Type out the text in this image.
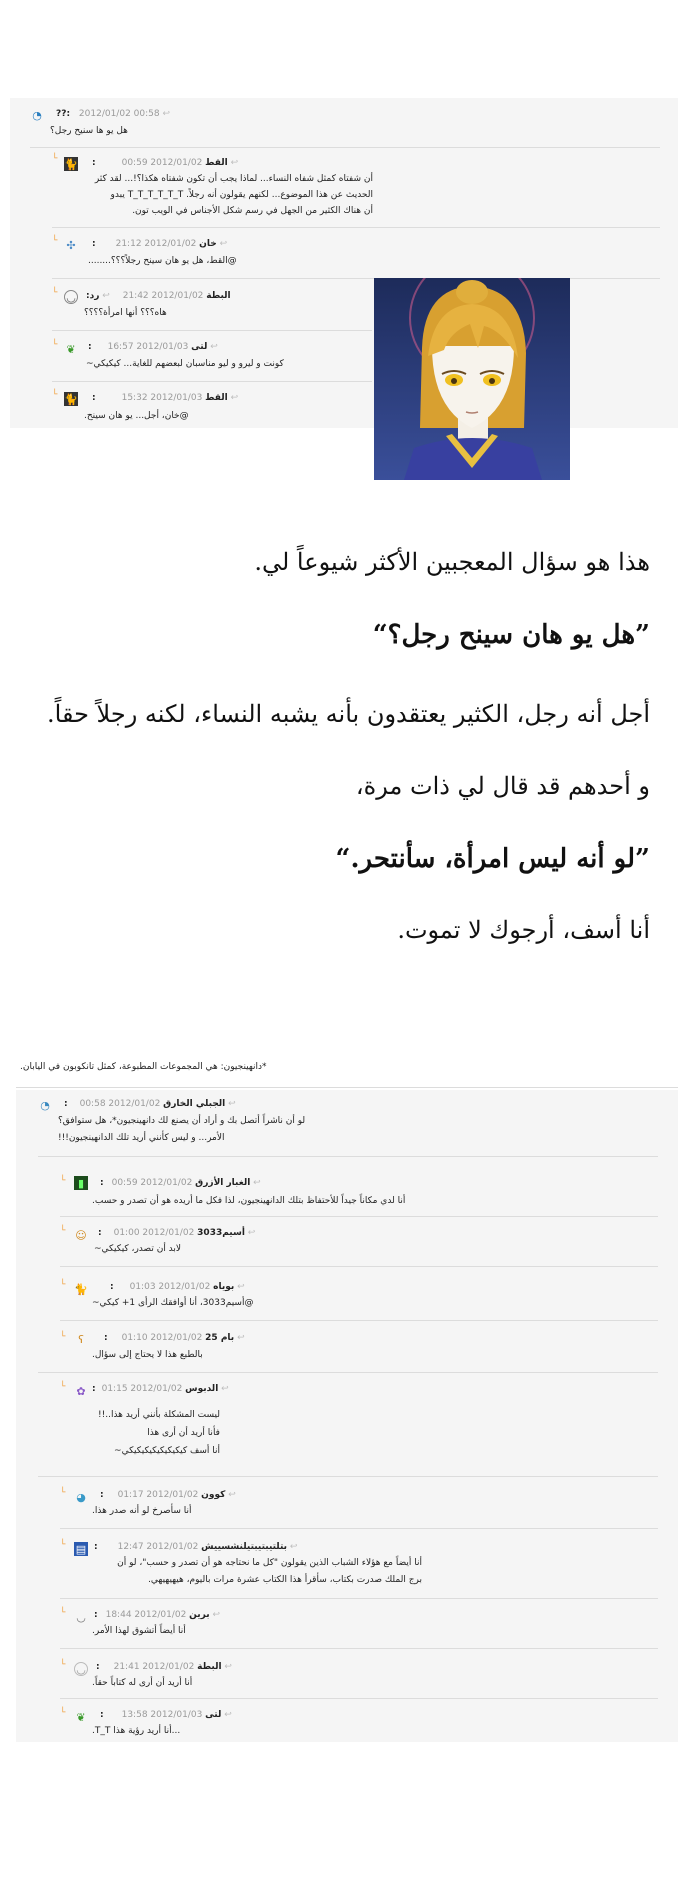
◔ ??: 2012/01/02 00:58 ↩
هل يو ها سنيح رجل؟
└ 🐈 :القط 2012/01/02 00:59	↩
أن شفتاه كمثل شفاه النساء... لماذا يجب أن تكون شفتاه هكذا؟!... لقد كثر
الحديث عن هذا الموضوع... لكنهم يقولون أنه رجلاً. T_T_T_T_T_T يبدو
أن هناك الكثير من الجهل في رسم شكل الأجناس في الويب تون.
└ ✣ :خان 2012/01/02 21:12	↩
@القط، هل يو هان سينح رجلاً؟؟؟........
└ ◡ :البطة 2012/01/02 21:42 ↩ رد
هاه؟؟؟ أنها امرأة؟؟؟؟
└ ❦ :لتى 2012/01/03 16:57 ↩
كونت و ليرو و ليو مناسبان لبعضهم للغاية... كيكيكي~
└ 🐈 :القط 2012/01/03 15:32	↩
@خان، أجل... يو هان سينح.
هذا هو سؤال المعجبين الأكثر شيوعاً لي.
”هل يو هان سينح رجل؟“
أجل أنه رجل، الكثير يعتقدون بأنه يشبه النساء، لكنه رجلاً حقاً.
و أحدهم قد قال لي ذات مرة،
”لو أنه ليس امرأة، سأنتحر.“
أنا أسف، أرجوك لا تموت.
*دانهينجيون: هي المجموعات المطبوعة، كمثل تانكوبون في اليابان.
◔ :الجبلي الخارق 2012/01/02 00:58	↩
لو أن ناشراً أتصل بك و أراد أن يصنع لك دانهينجيون*، هل ستوافق؟
الأمر... و ليس كأنني أريد تلك الدانهينجيون!!!
└	▮	:الغبار الأزرق 2012/01/02 00:59	↩
أنا لدي مكاناً جيداً للأحتفاظ بتلك الدانهينجيون، لذا فكل ما أريده هو أن تصدر و حسب.
└ ☺ :أسيم3033 2012/01/02 01:00	↩
لابد أن تصدر، كيكيكي~
└ 🐈 :بوياه 2012/01/02 01:03	↩
@أسيم3033، أنا أوافقك الرأى 1+ كيكي~
└	ʕ	:بام 25 2012/01/02 01:10	↩
بالطبع هذا لا يحتاج إلى سؤال.
└ ✿ :الدبوس 2012/01/02 01:15	↩
ليست المشكلة بأنني أريد هذا..!!
فأنا أريد أن أرى هذا
أنا أسف كيكيكيكيكيكيكيكي~
└ ◕ :كوون 2012/01/02 01:17	↩
أنا سأصرخ لو أنه صدر هذا.
└ ▤ :بتلتيبتيبتيلنشسييش 2012/01/02 12:47	↩
أنا أيضاً مع هؤلاء الشباب الذين يقولون "كل ما نحتاجه هو أن تصدر و حسب"، لو أن
برج الملك صدرت بكتاب، سأقرأ هذا الكتاب عشرة مرات باليوم، هيهيهيهي.
└ ◡ :برين 2012/01/02 18:44	↩
أنا أيضاً أتشوق لهذا الأمر.
└ ◡ :البطة 2012/01/02 21:41	↩
أنا أريد أن أرى له كتاباً حقاً.
└ ❦ :لتى 2012/01/03 13:58 ↩
...أنا أريد رؤية هذا T_T.
